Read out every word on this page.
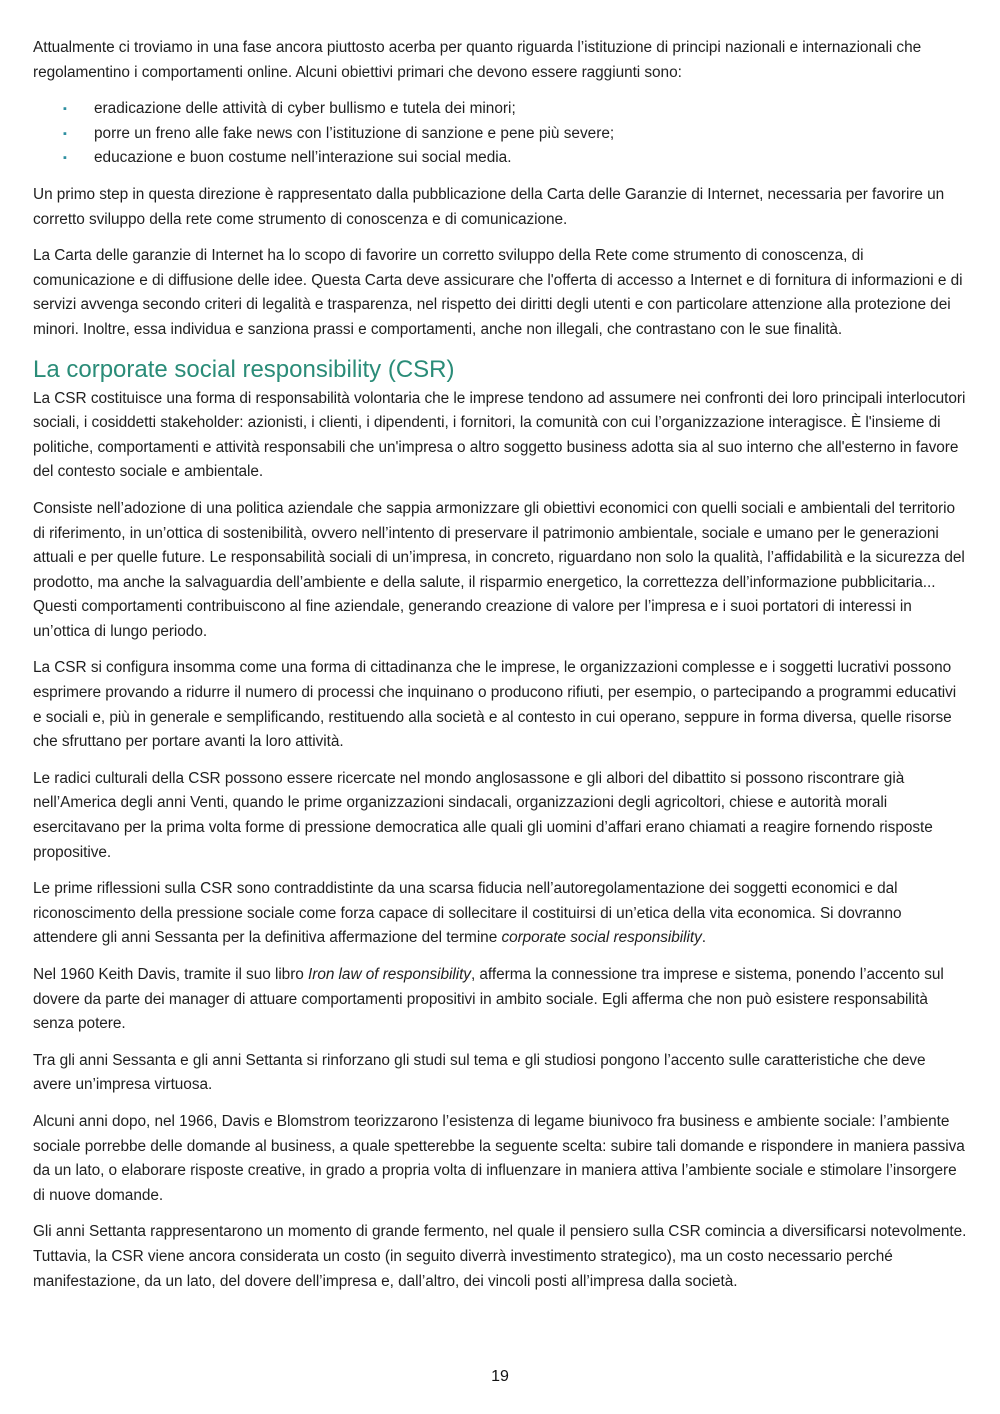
Attualmente ci troviamo in una fase ancora piuttosto acerba per quanto riguarda l’istituzione di principi nazionali e internazionali che regolamentino i comportamenti online. Alcuni obiettivi primari che devono essere raggiunti sono:

▪ eradicazione delle attività di cyber bullismo e tutela dei minori;
▪ porre un freno alle fake news con l’istituzione di sanzione e pene più severe;
▪ educazione e buon costume nell’interazione sui social media.

Un primo step in questa direzione è rappresentato dalla pubblicazione della Carta delle Garanzie di Internet, necessaria per favorire un corretto sviluppo della rete come strumento di conoscenza e di comunicazione.

La Carta delle garanzie di Internet ha lo scopo di favorire un corretto sviluppo della Rete come strumento di conoscenza, di comunicazione e di diffusione delle idee. Questa Carta deve assicurare che l'offerta di accesso a Internet e di fornitura di informazioni e di servizi avvenga secondo criteri di legalità e trasparenza, nel rispetto dei diritti degli utenti e con particolare attenzione alla protezione dei minori. Inoltre, essa individua e sanziona prassi e comportamenti, anche non illegali, che contrastano con le sue finalità.

La corporate social responsibility (CSR)

La CSR costituisce una forma di responsabilità volontaria che le imprese tendono ad assumere nei confronti dei loro principali interlocutori sociali, i cosiddetti stakeholder: azionisti, i clienti, i dipendenti, i fornitori, la comunità con cui l’organizzazione interagisce. È l'insieme di politiche, comportamenti e attività responsabili che un'impresa o altro soggetto business adotta sia al suo interno che all'esterno in favore del contesto sociale e ambientale.

Consiste nell’adozione di una politica aziendale che sappia armonizzare gli obiettivi economici con quelli sociali e ambientali del territorio di riferimento, in un’ottica di sostenibilità, ovvero nell’intento di preservare il patrimonio ambientale, sociale e umano per le generazioni attuali e per quelle future. Le responsabilità sociali di un’impresa, in concreto, riguardano non solo la qualità, l’affidabilità e la sicurezza del prodotto, ma anche la salvaguardia dell’ambiente e della salute, il risparmio energetico, la correttezza dell’informazione pubblicitaria... Questi comportamenti contribuiscono al fine aziendale, generando creazione di valore per l’impresa e i suoi portatori di interessi in un’ottica di lungo periodo.

La CSR si configura insomma come una forma di cittadinanza che le imprese, le organizzazioni complesse e i soggetti lucrativi possono esprimere provando a ridurre il numero di processi che inquinano o producono rifiuti, per esempio, o partecipando a programmi educativi e sociali e, più in generale e semplificando, restituendo alla società e al contesto in cui operano, seppure in forma diversa, quelle risorse che sfruttano per portare avanti la loro attività.

Le radici culturali della CSR possono essere ricercate nel mondo anglosassone e gli albori del dibattito si possono riscontrare già nell’America degli anni Venti, quando le prime organizzazioni sindacali, organizzazioni degli agricoltori, chiese e autorità morali esercitavano per la prima volta forme di pressione democratica alle quali gli uomini d’affari erano chiamati a reagire fornendo risposte propositive.

Le prime riflessioni sulla CSR sono contraddistinte da una scarsa fiducia nell’autoregolamentazione dei soggetti economici e dal riconoscimento della pressione sociale come forza capace di sollecitare il costituirsi di un’etica della vita economica. Si dovranno attendere gli anni Sessanta per la definitiva affermazione del termine corporate social responsibility.

Nel 1960 Keith Davis, tramite il suo libro Iron law of responsibility, afferma la connessione tra imprese e sistema, ponendo l’accento sul dovere da parte dei manager di attuare comportamenti propositivi in ambito sociale. Egli afferma che non può esistere responsabilità senza potere.

Tra gli anni Sessanta e gli anni Settanta si rinforzano gli studi sul tema e gli studiosi pongono l’accento sulle caratteristiche che deve avere un’impresa virtuosa.

Alcuni anni dopo, nel 1966, Davis e Blomstrom teorizzarono l’esistenza di legame biunivoco fra business e ambiente sociale: l’ambiente sociale porrebbe delle domande al business, a quale spetterebbe la seguente scelta: subire tali domande e rispondere in maniera passiva da un lato, o elaborare risposte creative, in grado a propria volta di influenzare in maniera attiva l’ambiente sociale e stimolare l’insorgere di nuove domande.

Gli anni Settanta rappresentarono un momento di grande fermento, nel quale il pensiero sulla CSR comincia a diversificarsi notevolmente. Tuttavia, la CSR viene ancora considerata un costo (in seguito diverrà investimento strategico), ma un costo necessario perché manifestazione, da un lato, del dovere dell’impresa e, dall’altro, dei vincoli posti all’impresa dalla società.

19
